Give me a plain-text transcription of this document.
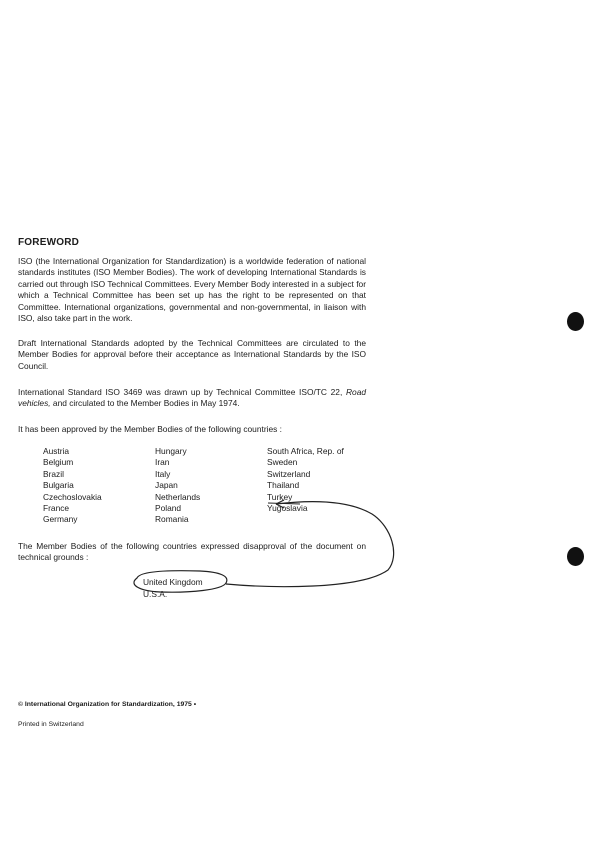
FOREWORD
ISO (the International Organization for Standardization) is a worldwide federation of national standards institutes (ISO Member Bodies). The work of developing International Standards is carried out through ISO Technical Committees. Every Member Body interested in a subject for which a Technical Committee has been set up has the right to be represented on that Committee. International organizations, governmental and non-governmental, in liaison with ISO, also take part in the work.
Draft International Standards adopted by the Technical Committees are circulated to the Member Bodies for approval before their acceptance as International Standards by the ISO Council.
International Standard ISO 3469 was drawn up by Technical Committee ISO/TC 22, Road vehicles, and circulated to the Member Bodies in May 1974.
It has been approved by the Member Bodies of the following countries :
Austria
Belgium
Brazil
Bulgaria
Czechoslovakia
France
Germany
Hungary
Iran
Italy
Japan
Netherlands
Poland
Romania
South Africa, Rep. of
Sweden
Switzerland
Thailand
Turkey
Yugoslavia
The Member Bodies of the following countries expressed disapproval of the document on technical grounds :
United Kingdom
U.S.A.
© International Organization for Standardization, 1975 •
Printed in Switzerland
